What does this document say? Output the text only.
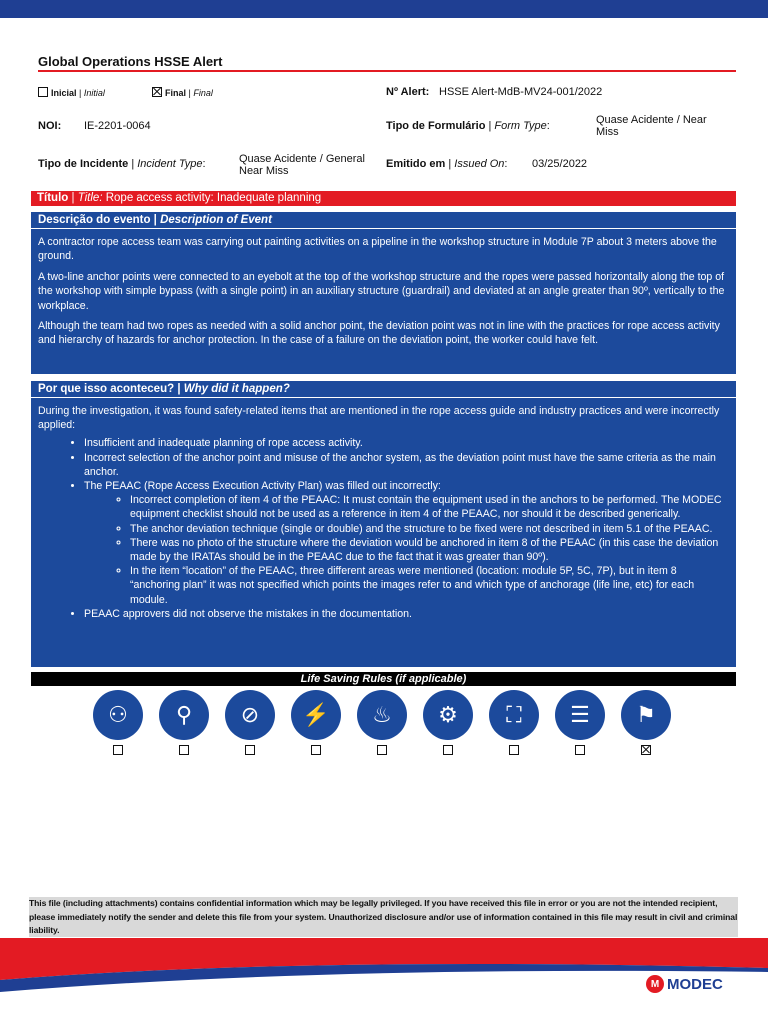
Global Operations HSSE Alert
Inicial | Initial	Final | Final	Nº Alert: HSSE Alert-MdB-MV24-001/2022
NOI: IE-2201-0064	Tipo de Formulário | Form Type:	Quase Acidente / Near
Miss
Tipo de Incidente | Incident Type:	Quase Acidente / General
Near Miss
Emitido em | Issued On: 03/25/2022
Título | Title: Rope access activity: Inadequate planning
Descrição do evento | Description of Event

A contractor rope access team was carrying out painting activities on a pipeline in the workshop structure in Module 7P about 3 meters above the ground.

A two-line anchor points were connected to an eyebolt at the top of the workshop structure and the ropes were passed horizontally along the top of the workshop with simple bypass (with a single point) in an auxiliary structure (guardrail) and deviated at an angle greater than 90º, vertically to the workplace.

Although the team had two ropes as needed with a solid anchor point, the deviation point was not in line with the practices for rope access activity and hierarchy of hazards for anchor protection. In the case of a failure on the deviation point, the worker could have felt.

Por que isso aconteceu? | Why did it happen?

During the investigation, it was found safety-related items that are mentioned in the rope access guide and industry practices and were incorrectly applied:

• Insufficient and inadequate planning of rope access activity.
• Incorrect selection of the anchor point and misuse of the anchor system, as the deviation point must have the same criteria as the main anchor.
• The PEAAC (Rope Access Execution Activity Plan) was filled out incorrectly:
◦ Incorrect completion of item 4 of the PEAAC: It must contain the equipment used in the anchors to be performed. The MODEC equipment checklist should not be used as a reference in item 4 of the PEAAC, nor should it be described generically.
◦ The anchor deviation technique (single or double) and the structure to be fixed were not described in item 5.1 of the PEAAC.
◦ There was no photo of the structure where the deviation would be anchored in item 8 of the PEAAC (in this case the deviation made by the IRATAs should be in the PEAAC due to the fact that it was greater than 90º).
◦ In the item “location” of the PEAAC, three different areas were mentioned (location: module 5P, 5C, 7P), but in item 8 “anchoring plan” it was not specified which points the images refer to and which type of anchorage (life line, etc) for each module.
• PEAAC approvers did not observe the mistakes in the documentation.
Life Saving Rules (if applicable)
⚇	⚲	⊘	⚡	♨	⚙	⛶	☰	⚑
This file (including attachments) contains confidential information which may be legally privileged. If you have received this file in error or you are not the intended recipient, please immediately notify the sender and delete this file from your system. Unauthorized disclosure and/or use of information contained in this file may result in civil and criminal liability.
M MODEC
